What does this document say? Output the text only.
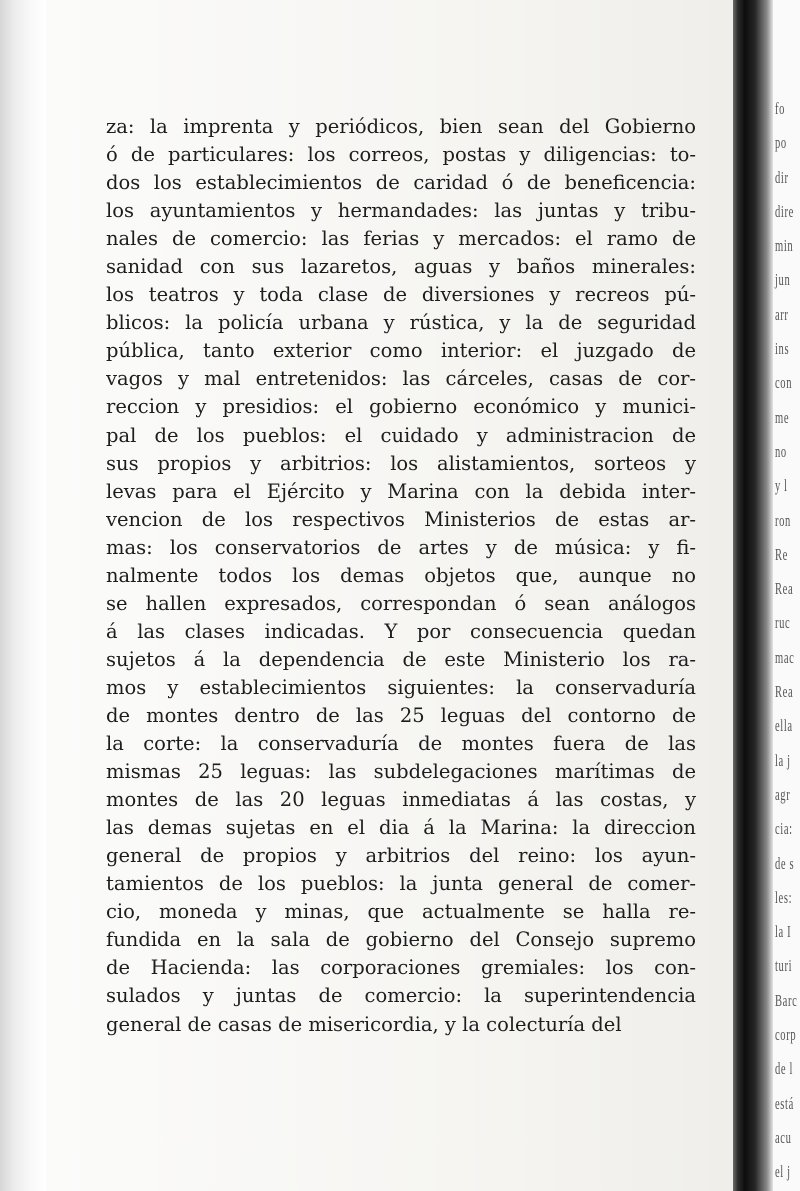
za: la imprenta y periódicos, bien sean del Gobierno
ó de particulares: los correos, postas y diligencias: to-
dos los establecimientos de caridad ó de beneficencia:
los ayuntamientos y hermandades: las juntas y tribu-
nales de comercio: las ferias y mercados: el ramo de
sanidad con sus lazaretos, aguas y baños minerales:
los teatros y toda clase de diversiones y recreos pú-
blicos: la policía urbana y rústica, y la de seguridad
pública, tanto exterior como interior: el juzgado de
vagos y mal entretenidos: las cárceles, casas de cor-
reccion y presidios: el gobierno económico y munici-
pal de los pueblos: el cuidado y administracion de
sus propios y arbitrios: los alistamientos, sorteos y
levas para el Ejército y Marina con la debida inter-
vencion de los respectivos Ministerios de estas ar-
mas: los conservatorios de artes y de música: y fi-
nalmente todos los demas objetos que, aunque no
se hallen expresados, correspondan ó sean análogos
á las clases indicadas. Y por consecuencia quedan
sujetos á la dependencia de este Ministerio los ra-
mos y establecimientos siguientes: la conservaduría
de montes dentro de las 25 leguas del contorno de
la corte: la conservaduría de montes fuera de las
mismas 25 leguas: las subdelegaciones marítimas de
montes de las 20 leguas inmediatas á las costas, y
las demas sujetas en el dia á la Marina: la direccion
general de propios y arbitrios del reino: los ayun-
tamientos de los pueblos: la junta general de comer-
cio, moneda y minas, que actualmente se halla re-
fundida en la sala de gobierno del Consejo supremo
de Hacienda: las corporaciones gremiales: los con-
sulados y juntas de comercio: la superintendencia
general de casas de misericordia, y la colecturía del
fo
po
dir
dire
min
jun
arr
ins
con
me
no
y l
ron
Re
Rea
ruc
mac
Rea
ella
la j
agr
cia:
de s
les:
la I
turi
Barc
corp
de l
está
acu
el j
